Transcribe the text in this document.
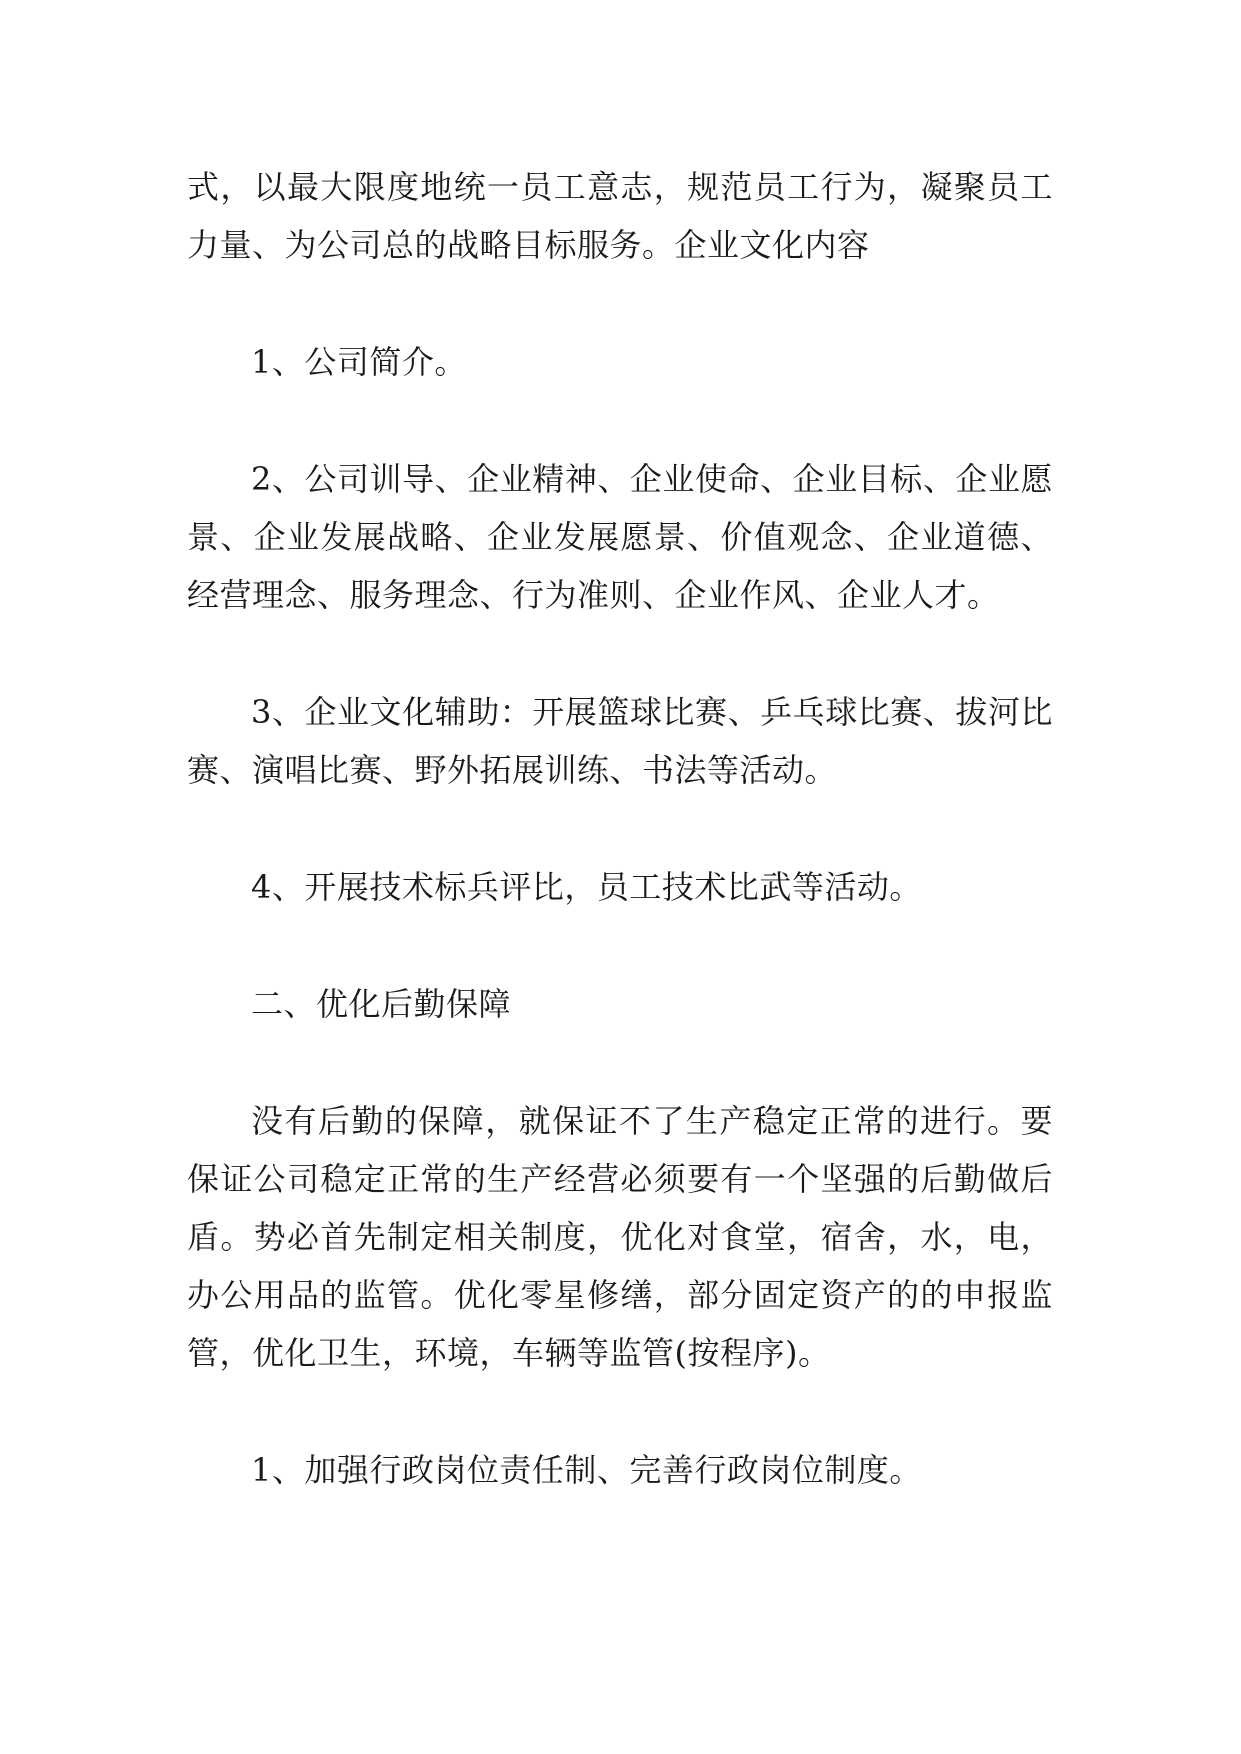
式，以最大限度地统一员工意志，规范员工行为，凝聚员工力量、为公司总的战略目标服务。企业文化内容

1、公司简介。

2、公司训导、企业精神、企业使命、企业目标、企业愿景、企业发展战略、企业发展愿景、价值观念、企业道德、经营理念、服务理念、行为准则、企业作风、企业人才。

3、企业文化辅助：开展篮球比赛、乒乓球比赛、拔河比赛、演唱比赛、野外拓展训练、书法等活动。

4、开展技术标兵评比，员工技术比武等活动。

二、优化后勤保障

没有后勤的保障，就保证不了生产稳定正常的进行。要保证公司稳定正常的生产经营必须要有一个坚强的后勤做后盾。势必首先制定相关制度，优化对食堂，宿舍，水，电，办公用品的监管。优化零星修缮，部分固定资产的的申报监管，优化卫生，环境，车辆等监管(按程序)。

1、加强行政岗位责任制、完善行政岗位制度。
